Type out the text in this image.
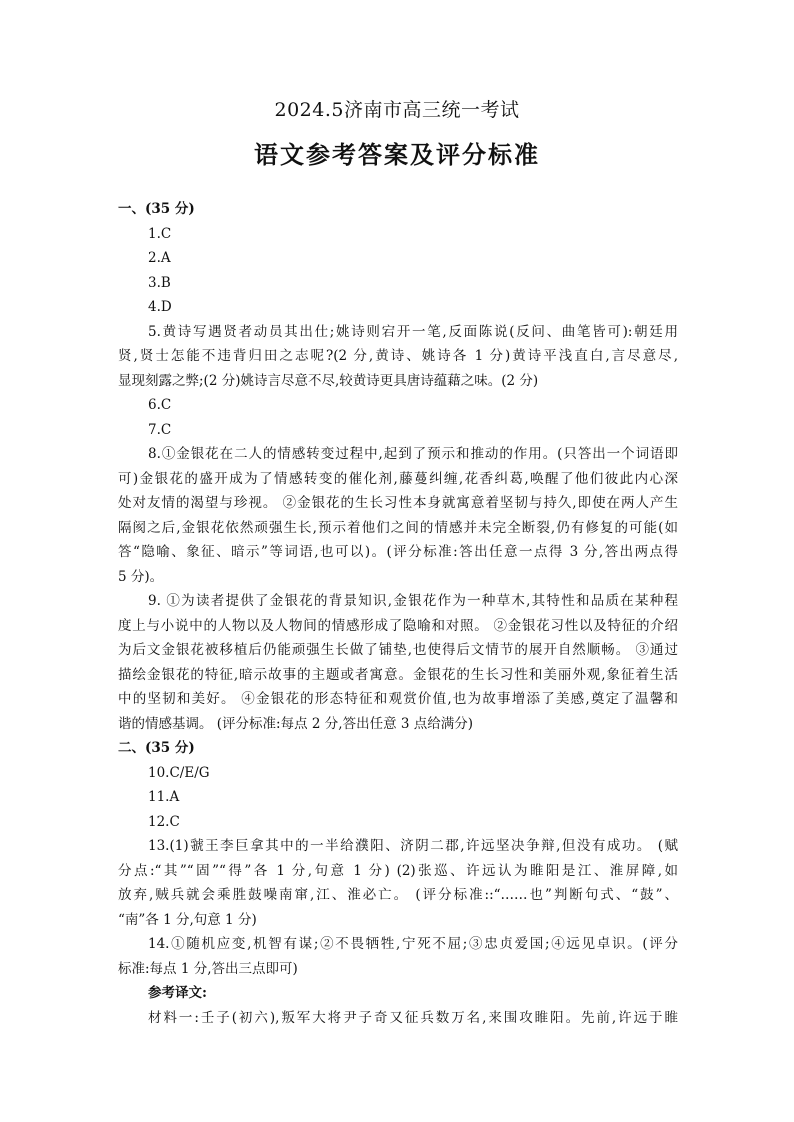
2024.5济南市高三统一考试
语文参考答案及评分标准
一、(35 分)
1.C
2.A
3.B
4.D
5.黄诗写遇贤者动员其出仕;姚诗则宕开一笔,反面陈说(反问、曲笔皆可):朝廷用
贤,贤士怎能不违背归田之志呢?(2 分,黄诗、姚诗各 1 分)黄诗平浅直白,言尽意尽,
显现刻露之弊;(2 分)姚诗言尽意不尽,较黄诗更具唐诗蕴藉之味。(2 分)
6.C
7.C
8.①金银花在二人的情感转变过程中,起到了预示和推动的作用。(只答出一个词语即
可)金银花的盛开成为了情感转变的催化剂,藤蔓纠缠,花香纠葛,唤醒了他们彼此内心深
处对友情的渴望与珍视。 ②金银花的生长习性本身就寓意着坚韧与持久,即使在两人产生
隔阂之后,金银花依然顽强生长,预示着他们之间的情感并未完全断裂,仍有修复的可能(如
答“隐喻、象征、暗示”等词语,也可以)。(评分标准:答出任意一点得 3 分,答出两点得
5 分)。
9. ①为读者提供了金银花的背景知识,金银花作为一种草木,其特性和品质在某种程
度上与小说中的人物以及人物间的情感形成了隐喻和对照。 ②金银花习性以及特征的介绍
为后文金银花被移植后仍能顽强生长做了铺垫,也使得后文情节的展开自然顺畅。 ③通过
描绘金银花的特征,暗示故事的主题或者寓意。金银花的生长习性和美丽外观,象征着生活
中的坚韧和美好。 ④金银花的形态特征和观赏价值,也为故事增添了美感,奠定了温馨和
谐的情感基调。 (评分标准:每点 2 分,答出任意 3 点给满分)
二、(35 分)
10.C/E/G
11.A
12.C
13.(1)虢王李巨拿其中的一半给濮阳、济阴二郡,许远坚决争辩,但没有成功。 (赋
分点:“其”“固”“得”各 1 分,句意 1 分) (2)张巡、许远认为睢阳是江、淮屏障,如
放弃,贼兵就会乘胜鼓噪南窜,江、淮必亡。 (评分标准::“……也”判断句式、“鼓”、
“南”各 1 分,句意 1 分)
14.①随机应变,机智有谋;②不畏牺牲,宁死不屈;③忠贞爱国;④远见卓识。(评分
标准:每点 1 分,答出三点即可)
参考译文:
材料一:壬子(初六),叛军大将尹子奇又征兵数万名,来围攻睢阳。先前,许远于睢
